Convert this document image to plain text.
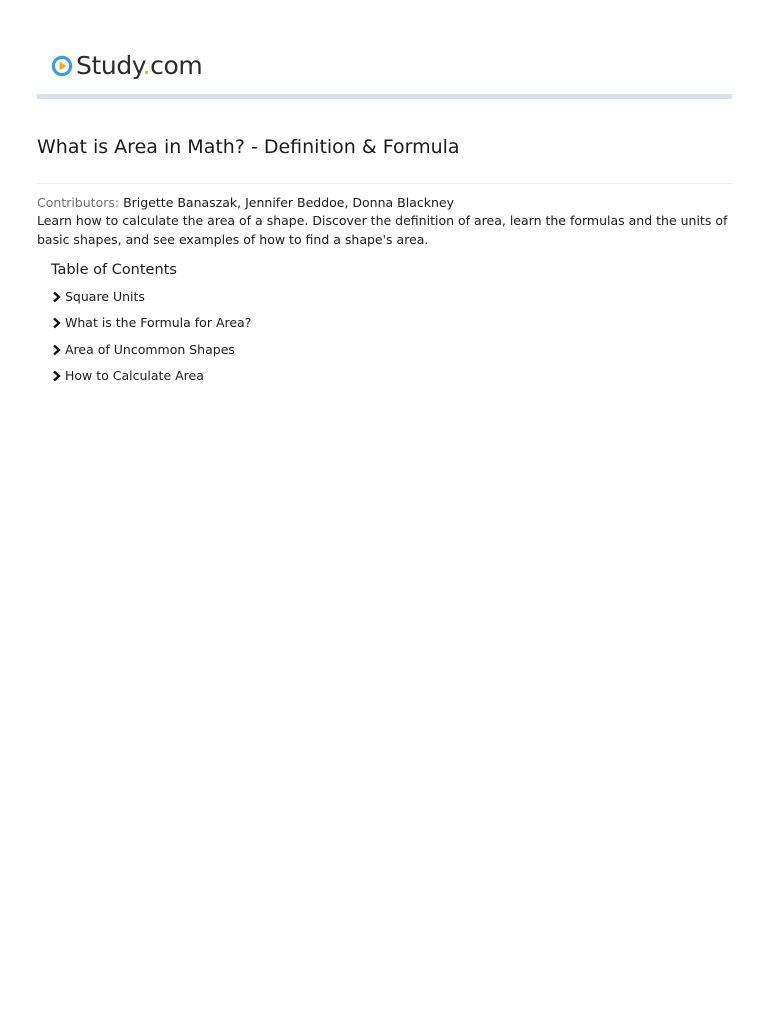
Study.com
What is Area in Math? - Definition & Formula
Contributors: Brigette Banaszak, Jennifer Beddoe, Donna Blackney

Learn how to calculate the area of a shape. Discover the definition of area, learn the formulas and the units of basic shapes, and see examples of how to find a shape's area.

Table of Contents
Square Units
What is the Formula for Area?
Area of Uncommon Shapes
How to Calculate Area
